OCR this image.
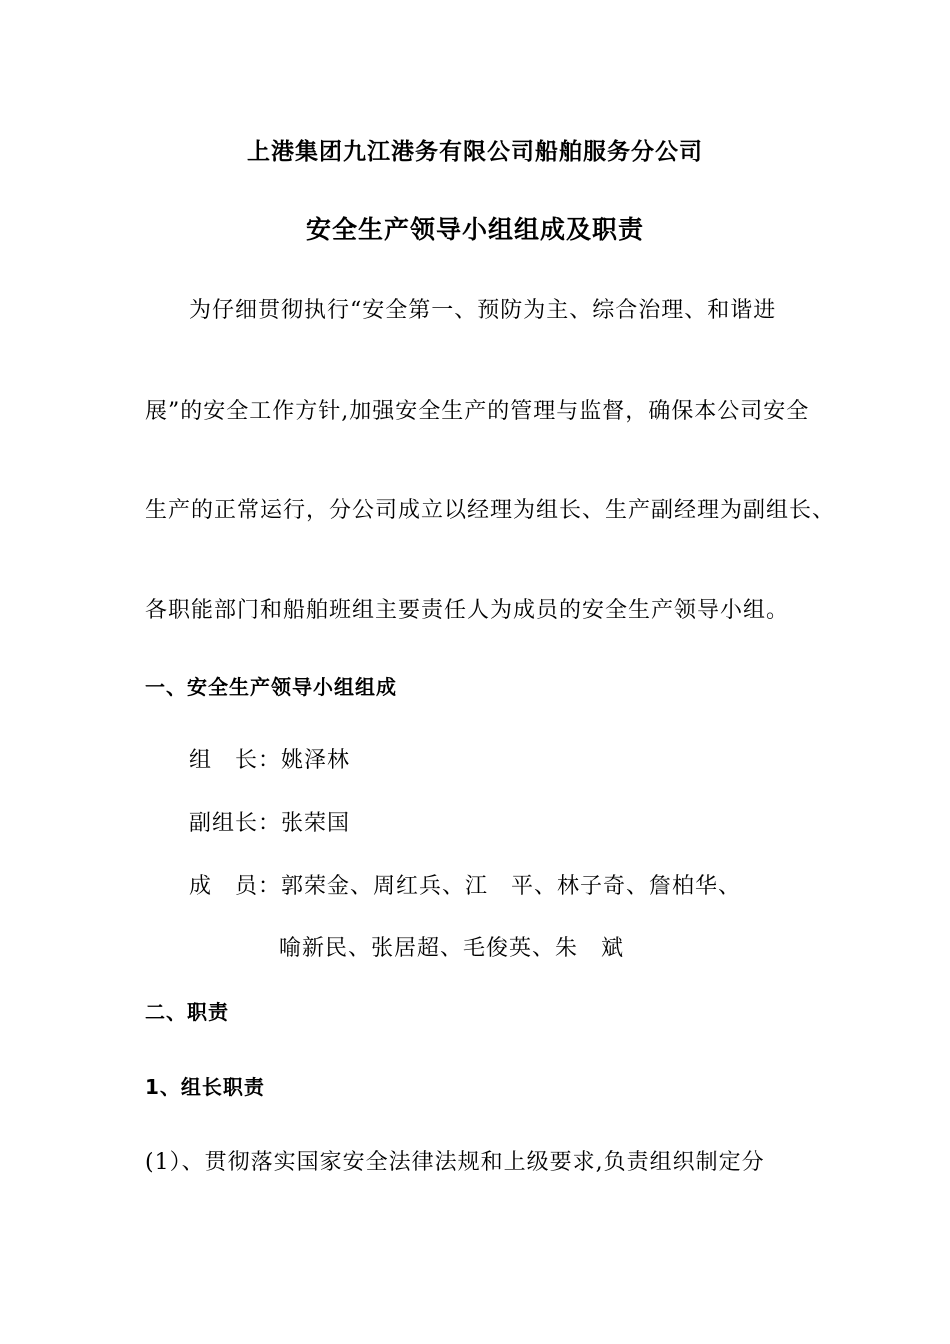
上港集团九江港务有限公司船舶服务分公司
安全生产领导小组组成及职责
为仔细贯彻执行“安全第一、预防为主、综合治理、和谐进
展”的安全工作方针,加强安全生产的管理与监督，确保本公司安全
生产的正常运行，分公司成立以经理为组长、生产副经理为副组长、
各职能部门和船舶班组主要责任人为成员的安全生产领导小组。
一、安全生产领导小组组成
组　长：姚泽林
副组长：张荣国
成　员：郭荣金、周红兵、江　平、林子奇、詹柏华、
喻新民、张居超、毛俊英、朱　斌
二、职责
1、组长职责
(1）、贯彻落实国家安全法律法规和上级要求,负责组织制定分
